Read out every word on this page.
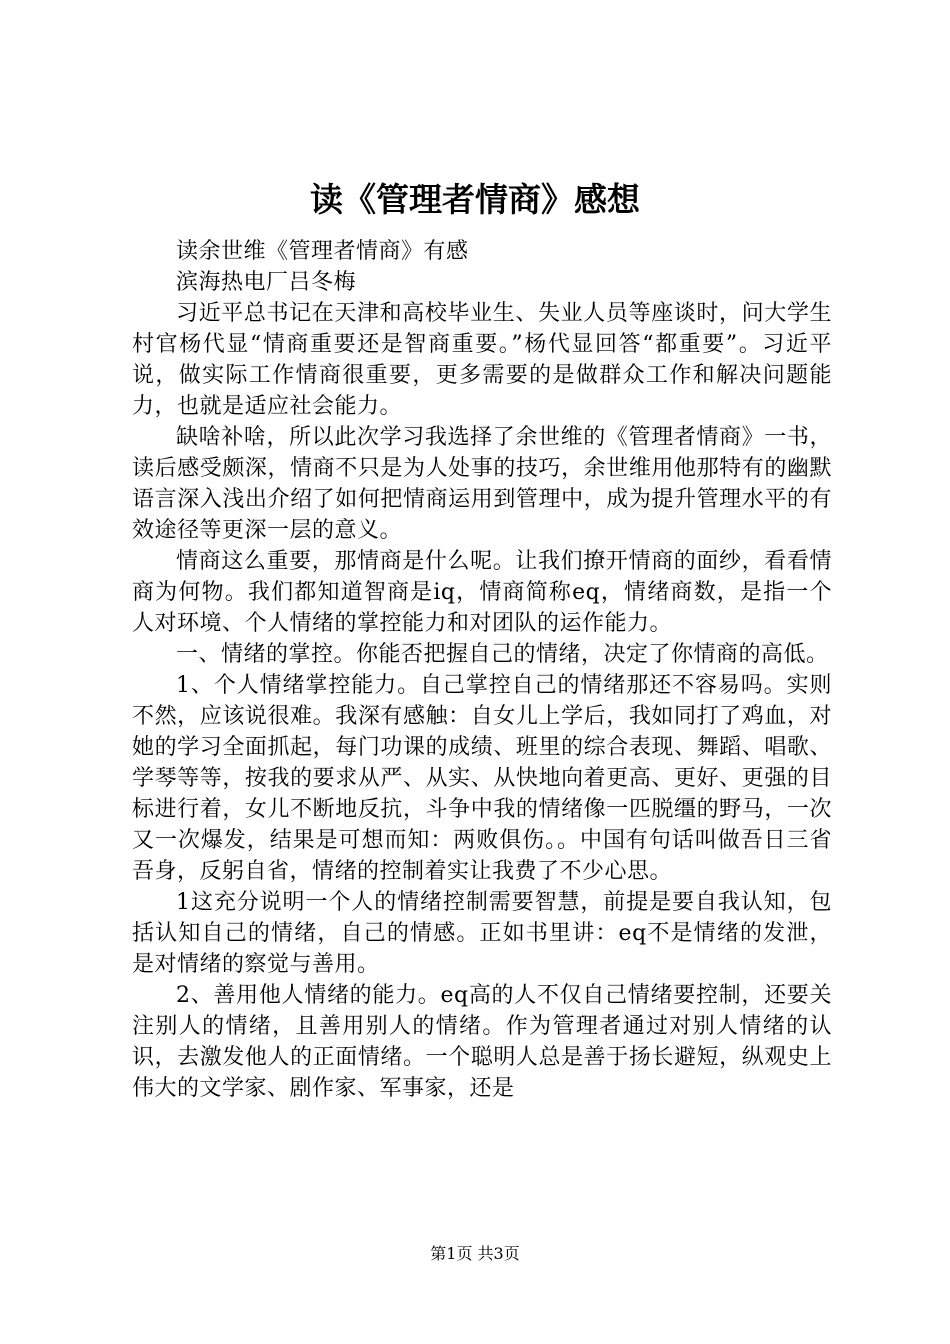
读《管理者情商》感想

读余世维《管理者情商》有感

滨海热电厂吕冬梅

习近平总书记在天津和高校毕业生、失业人员等座谈时，问大学生村官杨代显“情商重要还是智商重要。”杨代显回答“都重要”。习近平说，做实际工作情商很重要，更多需要的是做群众工作和解决问题能力，也就是适应社会能力。

缺啥补啥，所以此次学习我选择了余世维的《管理者情商》一书，读后感受颇深，情商不只是为人处事的技巧，余世维用他那特有的幽默语言深入浅出介绍了如何把情商运用到管理中，成为提升管理水平的有效途径等更深一层的意义。

情商这么重要，那情商是什么呢。让我们撩开情商的面纱，看看情商为何物。我们都知道智商是iq，情商简称eq，情绪商数，是指一个人对环境、个人情绪的掌控能力和对团队的运作能力。

一、情绪的掌控。你能否把握自己的情绪，决定了你情商的高低。

1、个人情绪掌控能力。自己掌控自己的情绪那还不容易吗。实则不然，应该说很难。我深有感触：自女儿上学后，我如同打了鸡血，对她的学习全面抓起，每门功课的成绩、班里的综合表现、舞蹈、唱歌、学琴等等，按我的要求从严、从实、从快地向着更高、更好、更强的目标进行着，女儿不断地反抗，斗争中我的情绪像一匹脱缰的野马，一次又一次爆发，结果是可想而知：两败俱伤。。中国有句话叫做吾日三省吾身，反躬自省，情绪的控制着实让我费了不少心思。

1这充分说明一个人的情绪控制需要智慧，前提是要自我认知，包括认知自己的情绪，自己的情感。正如书里讲：eq不是情绪的发泄，是对情绪的察觉与善用。

2、善用他人情绪的能力。eq高的人不仅自己情绪要控制，还要关注别人的情绪，且善用别人的情绪。作为管理者通过对别人情绪的认识，去激发他人的正面情绪。一个聪明人总是善于扬长避短，纵观史上伟大的文学家、剧作家、军事家，还是

第1页 共3页
